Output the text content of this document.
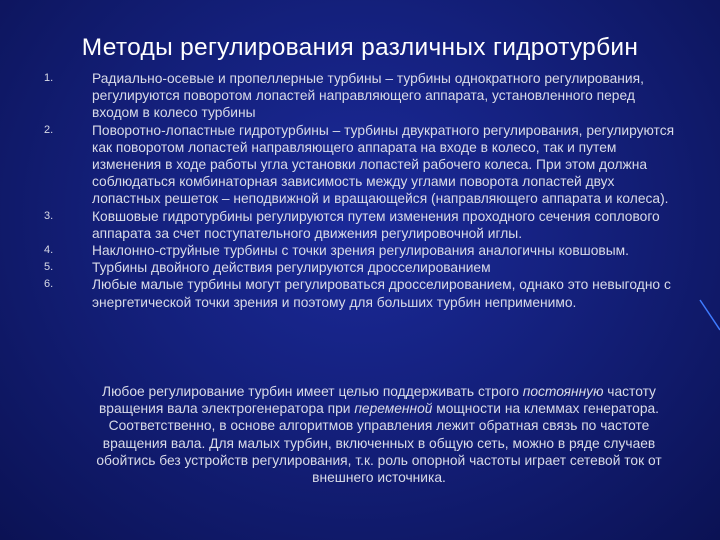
Методы регулирования различных гидротурбин
1.	Радиально-осевые и пропеллерные турбины – турбины однократного регулирования, регулируются поворотом лопастей направляющего аппарата, установленного перед входом в колесо турбины
2.	Поворотно-лопастные гидротурбины – турбины двукратного регулирования, регулируются как поворотом лопастей направляющего аппарата на входе в колесо, так и путем изменения в ходе работы угла установки лопастей рабочего колеса. При этом должна соблюдаться комбинаторная зависимость между углами поворота лопастей двух лопастных решеток – неподвижной и вращающейся (направляющего аппарата и колеса).
3.	Ковшовые гидротурбины регулируются путем изменения проходного сечения соплового аппарата за счет поступательного движения регулировочной иглы.
4.	Наклонно-струйные турбины с точки зрения регулирования аналогичны ковшовым.
5.	Турбины двойного действия регулируются дросселированием
6.	Любые малые турбины могут регулироваться дросселированием, однако это невыгодно с энергетической точки зрения и поэтому для больших турбин неприменимо.
Любое регулирование турбин имеет целью поддерживать строго постоянную частоту вращения вала электрогенератора при переменной мощности на клеммах генератора. Соответственно, в основе алгоритмов управления лежит обратная связь по частоте вращения вала. Для малых турбин, включенных в общую сеть, можно в ряде случаев обойтись без устройств регулирования, т.к. роль опорной частоты играет сетевой ток от внешнего источника.
